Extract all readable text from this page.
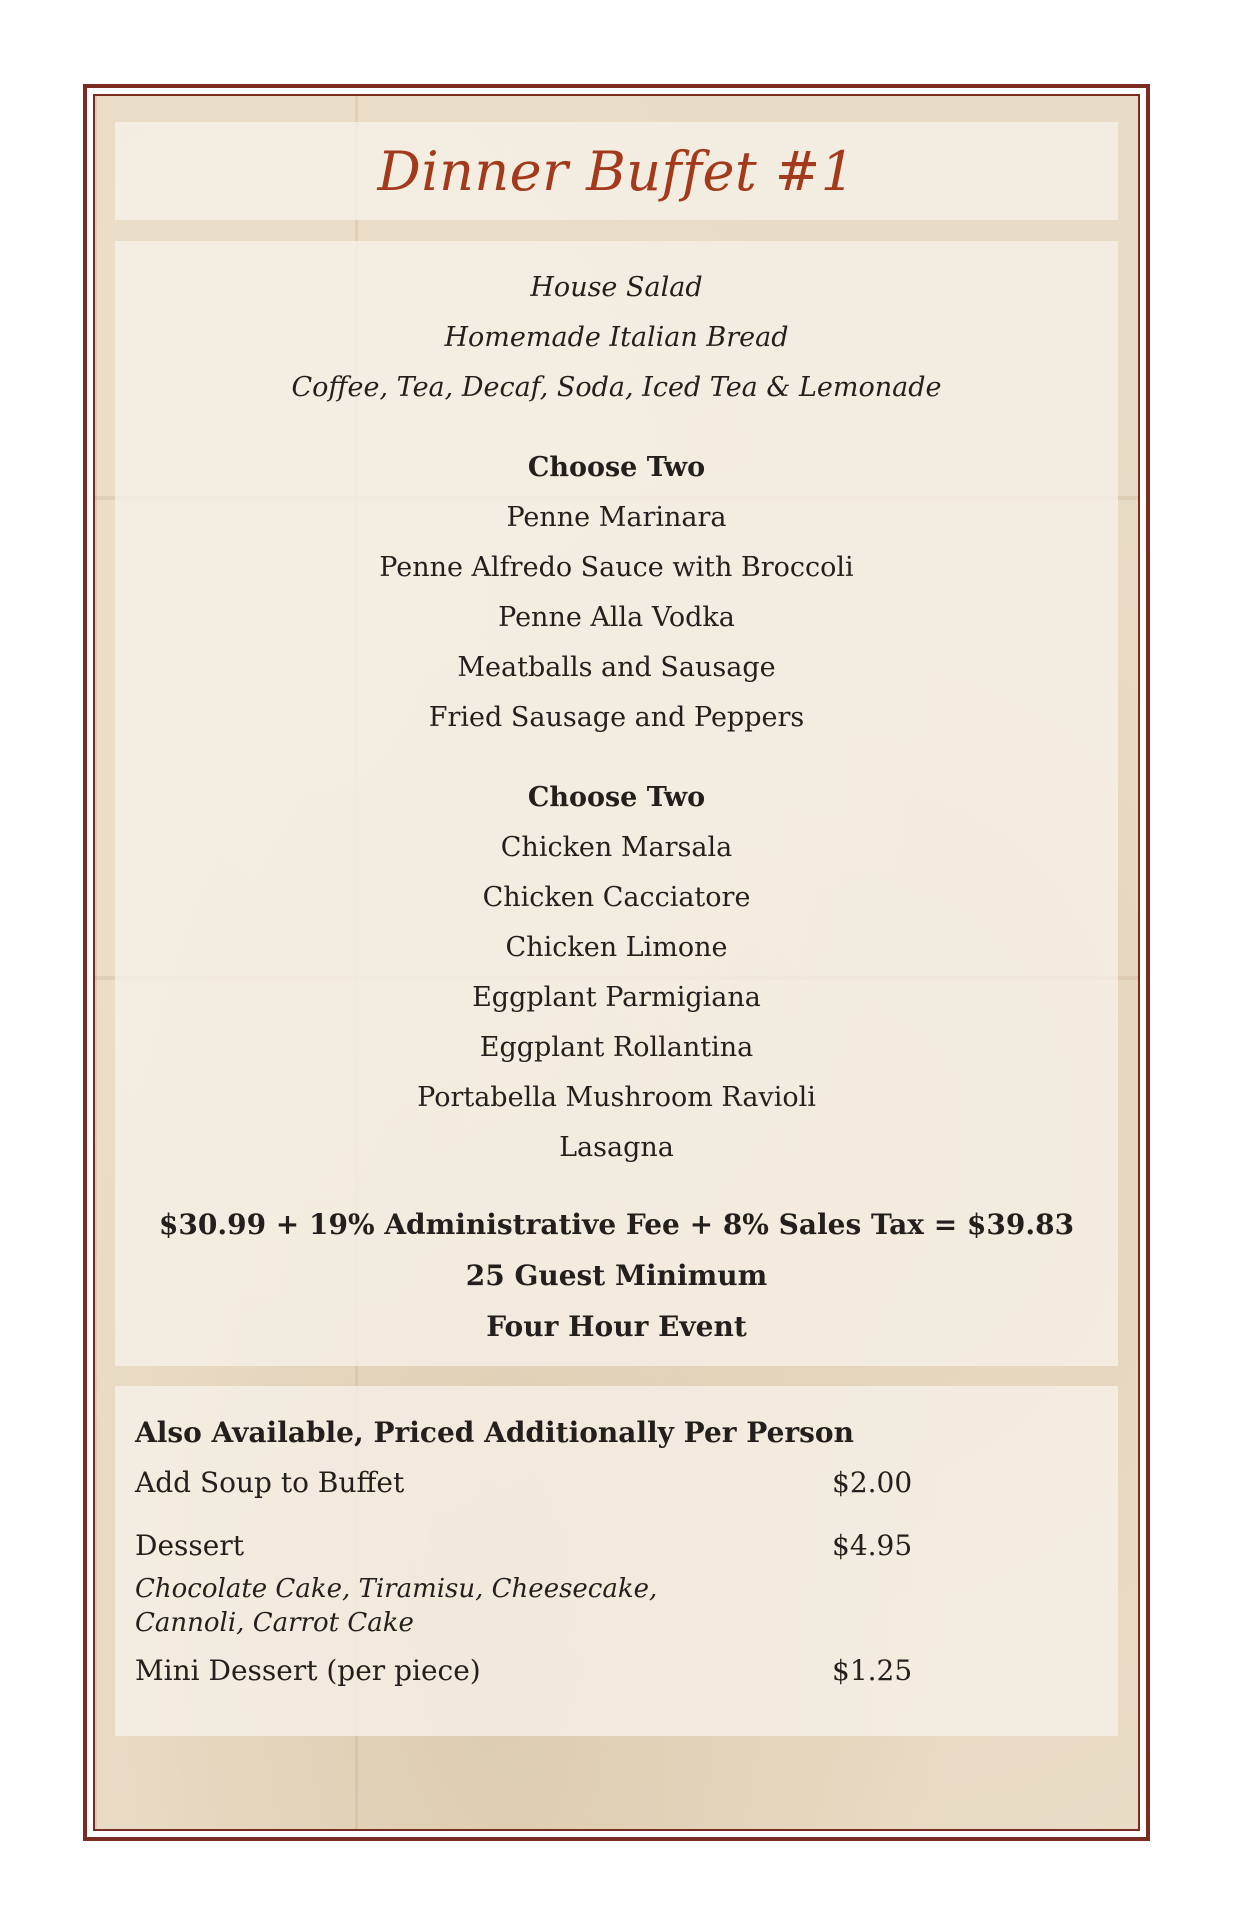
Dinner Buffet #1
House Salad
Homemade Italian Bread
Coffee, Tea, Decaf, Soda, Iced Tea & Lemonade
Choose Two
Penne Marinara
Penne Alfredo Sauce with Broccoli
Penne Alla Vodka
Meatballs and Sausage
Fried Sausage and Peppers
Choose Two
Chicken Marsala
Chicken Cacciatore
Chicken Limone
Eggplant Parmigiana
Eggplant Rollantina
Portabella Mushroom Ravioli
Lasagna
$30.99 + 19% Administrative Fee + 8% Sales Tax = $39.83
25 Guest Minimum
Four Hour Event
Also Available, Priced Additionally Per Person
Add Soup to Buffet	$2.00
Dessert	$4.95
Chocolate Cake, Tiramisu, Cheesecake,
Cannoli, Carrot Cake
Mini Dessert (per piece)	$1.25
